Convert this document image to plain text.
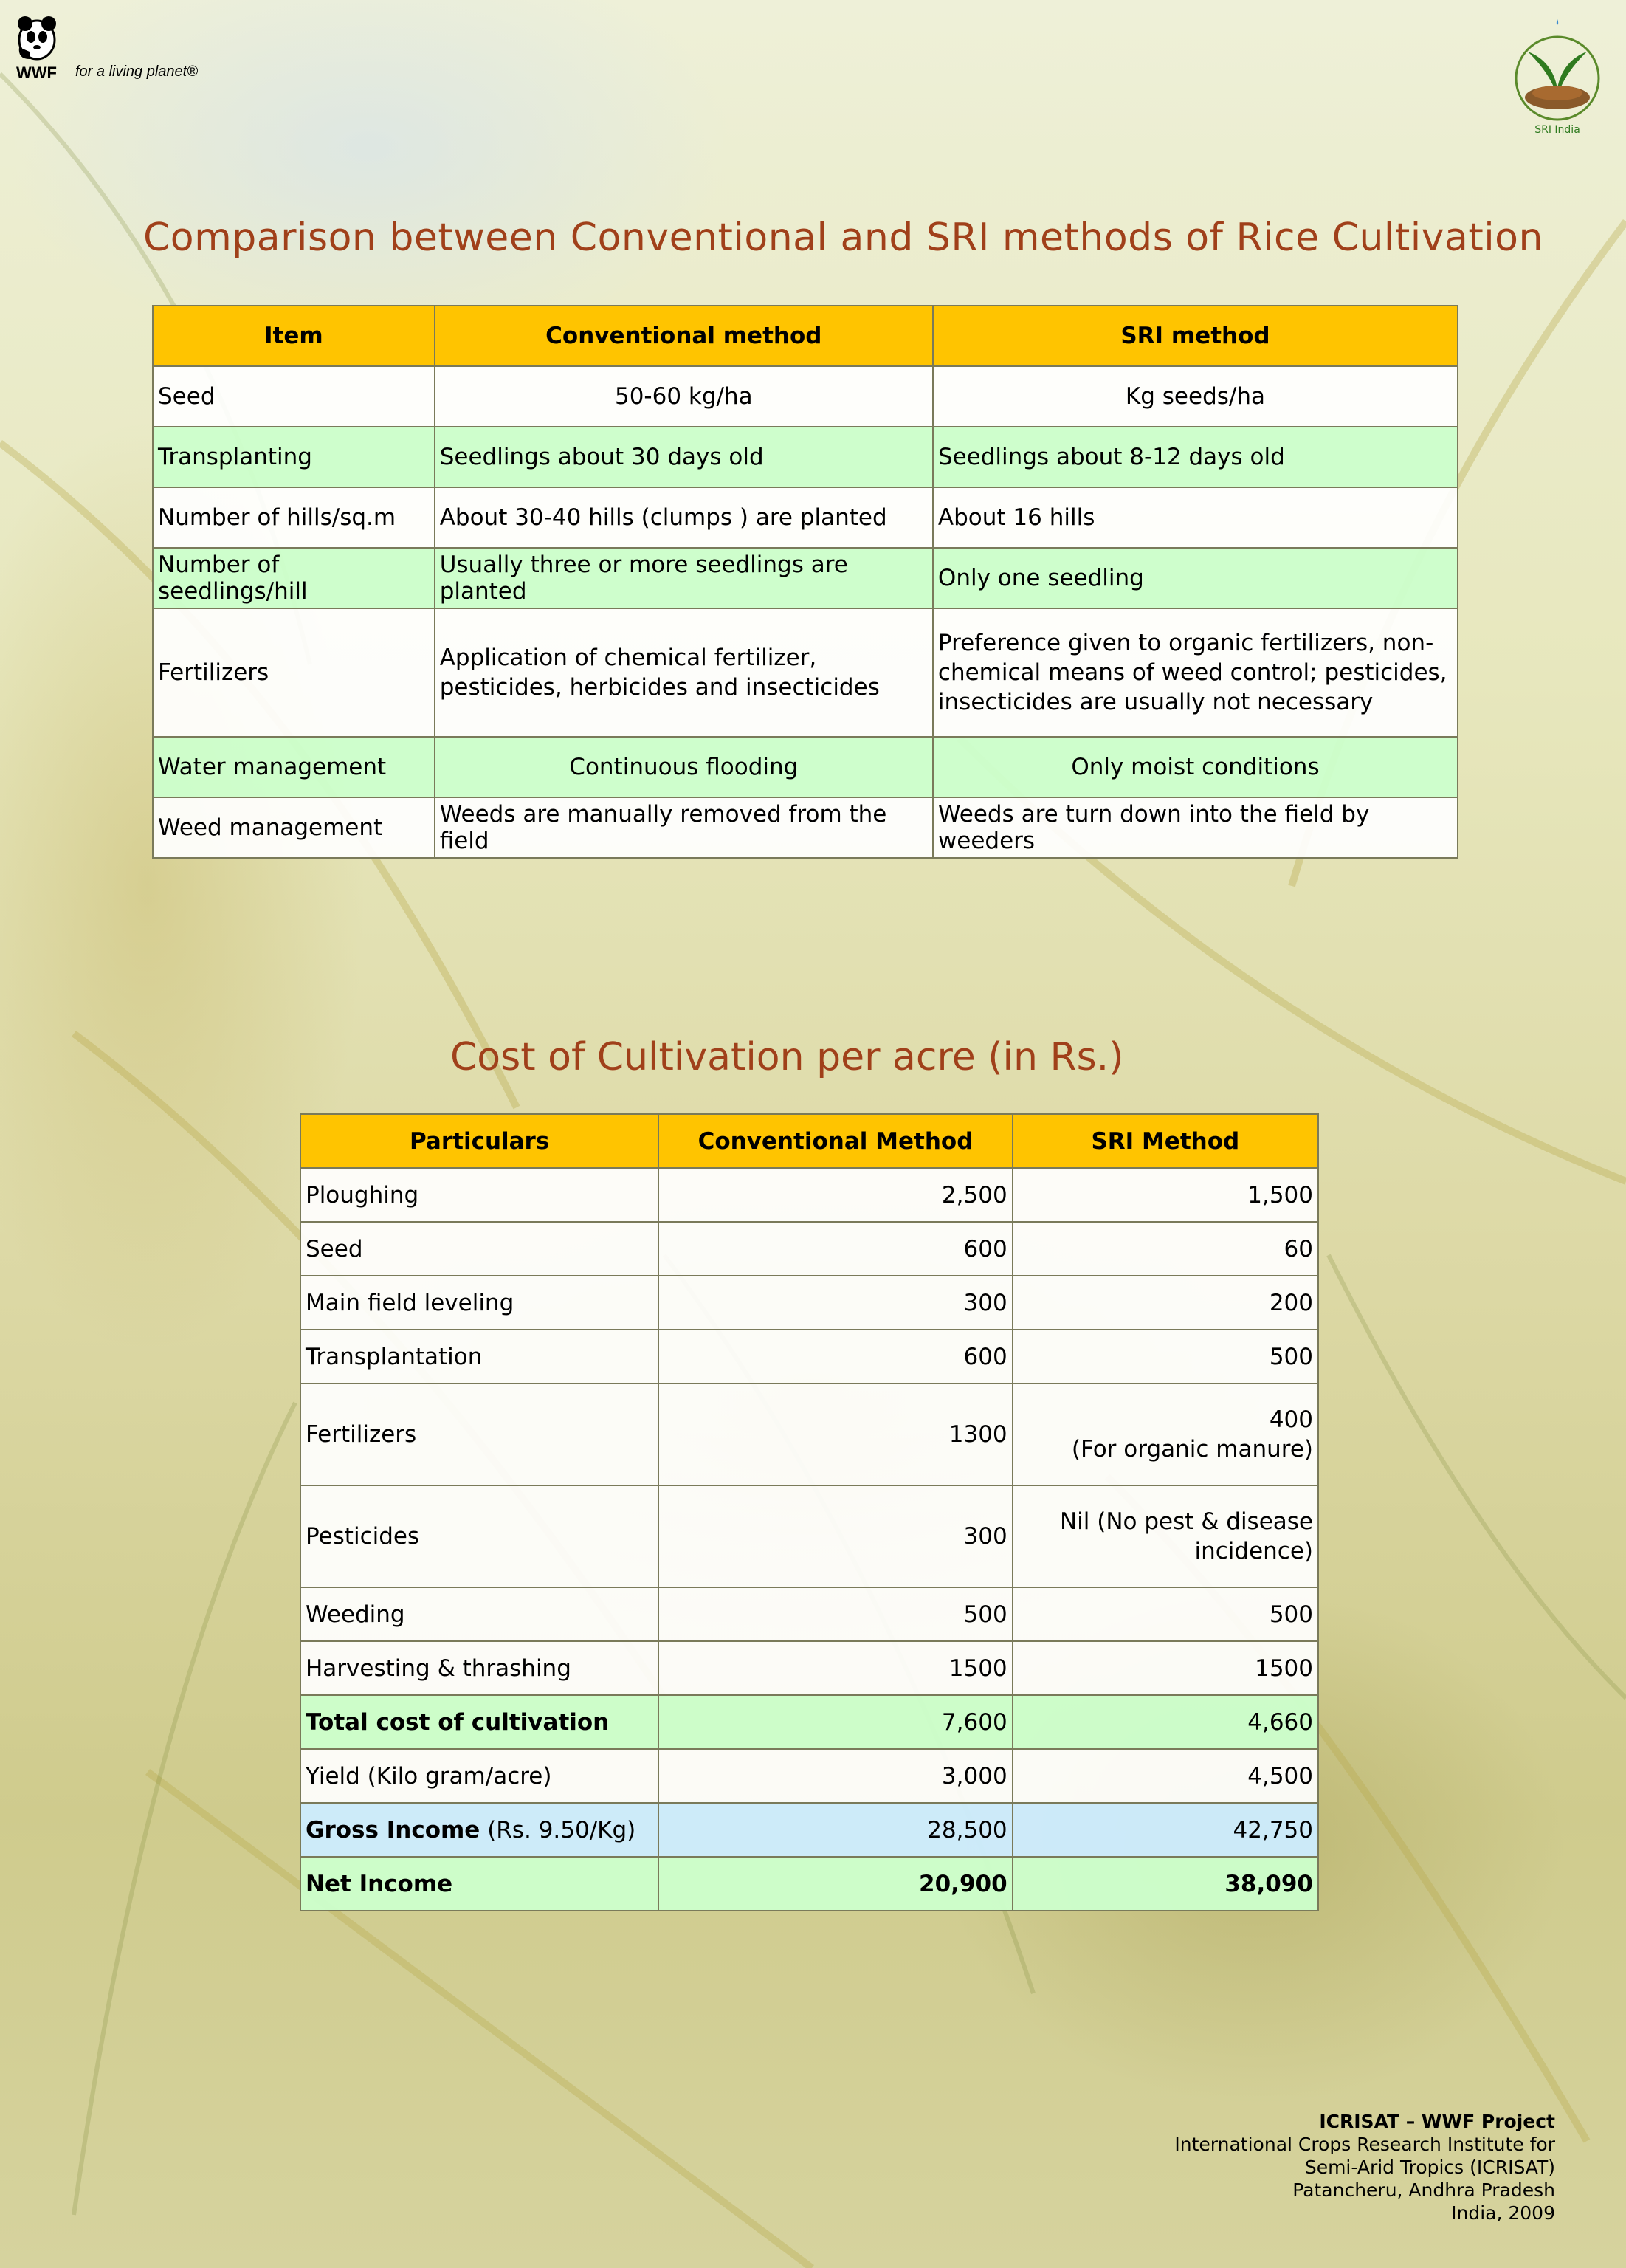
WWF for a living planet®
SRI India
Comparison between Conventional and SRI methods of Rice Cultivation
Item	Conventional method	SRI method
Seed	50-60 kg/ha	Kg seeds/ha
Transplanting	Seedlings about 30 days old	Seedlings about 8-12 days old
Number of hills/sq.m	About 30-40 hills (clumps ) are planted	About 16 hills
Number of seedlings/hill	Usually three or more seedlings are planted	Only one seedling
Fertilizers	Application of chemical fertilizer, pesticides, herbicides and insecticides	Preference given to organic fertilizers, non-chemical means of weed control; pesticides, insecticides are usually not necessary
Water management	Continuous flooding	Only moist conditions
Weed management	Weeds are manually removed from the field	Weeds are turn down into the field by weeders
Cost of Cultivation per acre (in Rs.)
Particulars	Conventional Method	SRI Method
Ploughing	2,500	1,500
Seed	600	60
Main field leveling	300	200
Transplantation	600	500
Fertilizers	1300	400
(For organic manure)

Pesticides	300	Nil (No pest & disease
incidence)

Weeding	500	500
Harvesting & thrashing	1500	1500
Total cost of cultivation	7,600	4,660
Yield (Kilo gram/acre)	3,000	4,500
Gross Income (Rs. 9.50/Kg)	28,500	42,750
Net Income	20,900	38,090
ICRISAT – WWF Project
International Crops Research Institute for
Semi-Arid Tropics (ICRISAT)
Patancheru, Andhra Pradesh
India, 2009
